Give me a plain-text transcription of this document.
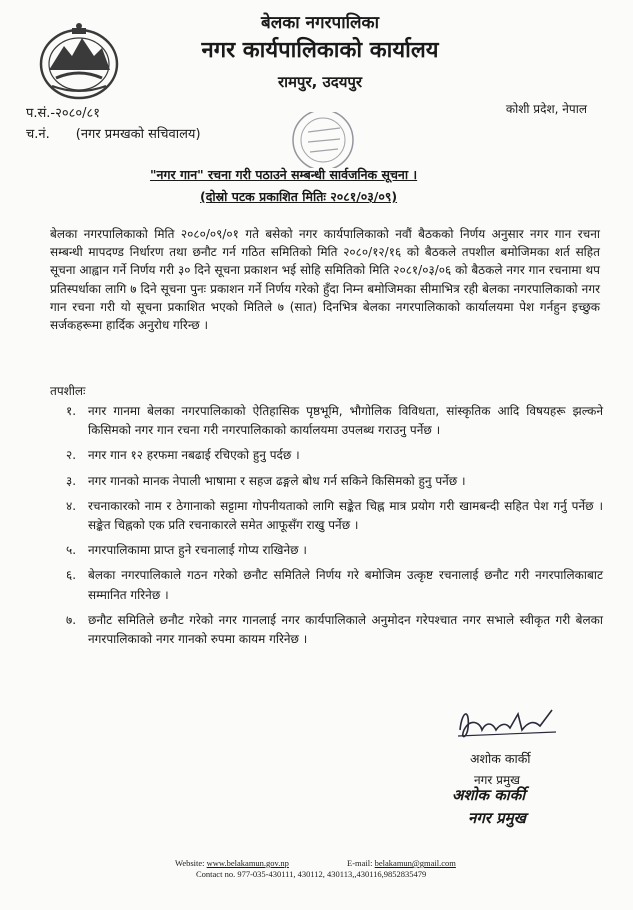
बेलका नगरपालिका
नगर कार्यपालिकाको कार्यालय
रामपुर, उदयपुर
प.सं.-२०८०/८१
च.नं. (नगर प्रमखको सचिवालय)
कोशी प्रदेश, नेपाल
"नगर गान" रचना गरी पठाउने सम्बन्धी सार्वजनिक सूचना ।
(दोस्रो पटक प्रकाशित मितिः २०८१/०३/०९)
बेलका नगरपालिकाको मिति २०८०/०९/०१ गते बसेको नगर कार्यपालिकाको नवौं बैठकको निर्णय अनुसार नगर गान रचना सम्बन्धी मापदण्ड निर्धारण तथा छनौट गर्न गठित समितिको मिति २०८०/१२/१६ को बैठकले तपशील बमोजिमका शर्त सहित सूचना आह्वान गर्ने निर्णय गरी ३० दिने सूचना प्रकाशन भई सोहि समितिको मिति २०८१/०३/०६ को बैठकले नगर गान रचनामा थप प्रतिस्पर्धाका लागि ७ दिने सूचना पुनः प्रकाशन गर्ने निर्णय गरेको हुँदा निम्न बमोजिमका सीमाभित्र रही बेलका नगरपालिकाको नगर गान रचना गरी यो सूचना प्रकाशित भएको मितिले ७ (सात) दिनभित्र बेलका नगरपालिकाको कार्यालयमा पेश गर्नहुन इच्छुक सर्जकहरूमा हार्दिक अनुरोध गरिन्छ ।
तपशीलः
१. नगर गानमा बेलका नगरपालिकाको ऐतिहासिक पृष्ठभूमि, भौगोलिक विविधता, सांस्कृतिक आदि विषयहरू झल्कने किसिमको नगर गान रचना गरी नगरपालिकाको कार्यालयमा उपलब्ध गराउनु पर्नेछ ।
२. नगर गान १२ हरफमा नबढाई रचिएको हुनु पर्दछ ।
३. नगर गानको मानक नेपाली भाषामा र सहज ढङ्गले बोध गर्न सकिने किसिमको हुनु पर्नेछ ।
४. रचनाकारको नाम र ठेगानाको सट्टामा गोपनीयताको लागि सङ्केत चिह्न मात्र प्रयोग गरी खामबन्दी सहित पेश गर्नु पर्नेछ । सङ्केत चिह्नको एक प्रति रचनाकारले समेत आफूसँग राखु पर्नेछ ।
५. नगरपालिकामा प्राप्त हुने रचनालाई गोप्य राखिनेछ ।
६. बेलका नगरपालिकाले गठन गरेको छनौट समितिले निर्णय गरे बमोजिम उत्कृष्ट रचनालाई छनौट गरी नगरपालिकाबाट सम्मानित गरिनेछ ।
७. छनौट समितिले छनौट गरेको नगर गानलाई नगर कार्यपालिकाले अनुमोदन गरेपश्चात नगर सभाले स्वीकृत गरी बेलका नगरपालिकाको नगर गानको रुपमा कायम गरिनेछ ।
अशोक कार्की
नगर प्रमुख
अशोक कार्की
नगर प्रमुख
Website: www.belakamun.gov.np	E-mail: belakamun@gmail.com
Contact no. 977-035-430111, 430112, 430113,,430116,9852835479
